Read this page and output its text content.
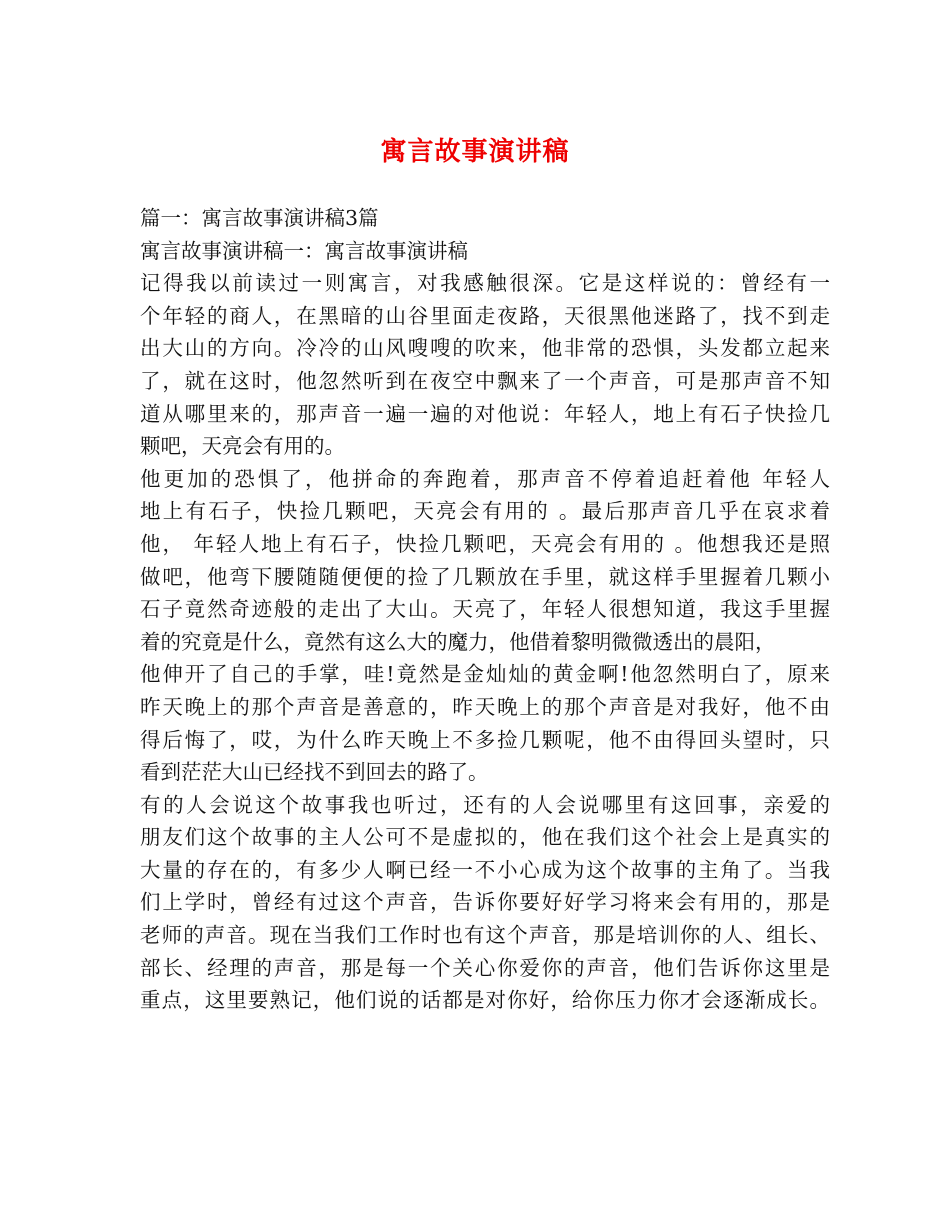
寓言故事演讲稿
篇一：寓言故事演讲稿3篇
寓言故事演讲稿一：寓言故事演讲稿
记得我以前读过一则寓言，对我感触很深。它是这样说的：曾经有一
个年轻的商人，在黑暗的山谷里面走夜路，天很黑他迷路了，找不到走
出大山的方向。冷冷的山风嗖嗖的吹来，他非常的恐惧，头发都立起来
了，就在这时，他忽然听到在夜空中飘来了一个声音，可是那声音不知
道从哪里来的，那声音一遍一遍的对他说：年轻人，地上有石子快捡几
颗吧，天亮会有用的。
他更加的恐惧了，他拼命的奔跑着，那声音不停着追赶着他 年轻人
地上有石子，快捡几颗吧，天亮会有用的 。最后那声音几乎在哀求着
他， 年轻人地上有石子，快捡几颗吧，天亮会有用的 。他想我还是照
做吧，他弯下腰随随便便的捡了几颗放在手里，就这样手里握着几颗小
石子竟然奇迹般的走出了大山。天亮了，年轻人很想知道，我这手里握
着的究竟是什么，竟然有这么大的魔力，他借着黎明微微透出的晨阳，
他伸开了自己的手掌，哇!竟然是金灿灿的黄金啊!他忽然明白了，原来
昨天晚上的那个声音是善意的，昨天晚上的那个声音是对我好，他不由
得后悔了，哎，为什么昨天晚上不多捡几颗呢，他不由得回头望时，只
看到茫茫大山已经找不到回去的路了。
有的人会说这个故事我也听过，还有的人会说哪里有这回事，亲爱的
朋友们这个故事的主人公可不是虚拟的，他在我们这个社会上是真实的
大量的存在的，有多少人啊已经一不小心成为这个故事的主角了。当我
们上学时，曾经有过这个声音，告诉你要好好学习将来会有用的，那是
老师的声音。现在当我们工作时也有这个声音，那是培训你的人、组长、
部长、经理的声音，那是每一个关心你爱你的声音，他们告诉你这里是
重点，这里要熟记，他们说的话都是对你好，给你压力你才会逐渐成长。
